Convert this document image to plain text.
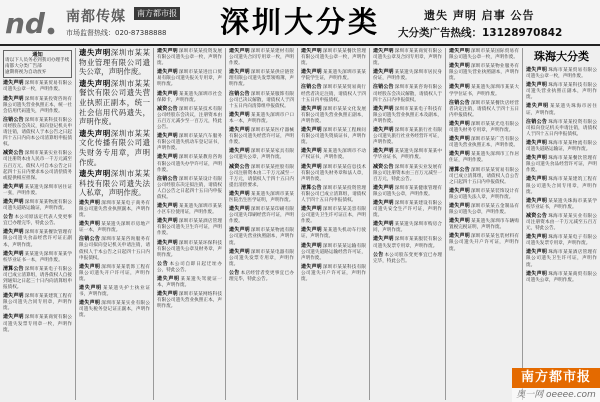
nd 南都传媒	南方都市报
市场监督热线：020-87388888 深圳大分类	遗失 声明 启事 公告
大分类广告热线：13128970842
通知
请以下人员务必到我司办理手续
南都大分类广告部
逾期将视为自动放弃
遗失声明深圳市某某贸易有限公司遗失公章一枚，声明作废。
遗失声明深圳市某某投资咨询有限公司遗失营业执照正本，统一社会信用代码遗失，声明作废。
注销公告深圳市某某科技有限公司经股东会决议，拟向登记机关申请注销，请债权人于本公告之日起四十五日内向本公司清算组申报债权。
减资公告深圳市某某实业有限公司注册资本由人民币一千万元减至五百万元，债权人可自本公告之日起四十五日内要求本公司清偿债务或提供相应担保。
遗失声明某某遗失深圳市居住证一张，声明作废。
遗失声明深圳市某某物流有限公司遗失道路运输证，声明作废。
公告本公司原法定代表人变更事宜已办理完毕，特此公告。
遗失声明深圳市某某餐饮管理有限公司遗失食品经营许可证正副本，声明作废。
遗失声明某某遗失深圳市某某学校毕业证书一本，声明作废。
清算公告深圳市某某电子有限公司已成立清算组，请各债权人自接到通知之日起三十日内向清算组申报债权。
遗失声明深圳市某某建筑工程有限公司遗失合同专用章，声明作废。
遗失声明深圳市某某商贸有限公司遗失发票专用章一枚，声明作废。
遗失声明深圳市某某物业管理有限公司遗失公章，声明作废。
遗失声明深圳市某某餐饮有限公司遗失营业执照正副本，统一社会信用代码遗失，声明作废。
遗失声明深圳市某某文化传播有限公司遗失财务专用章，声明作废。
遗失声明深圳市某某科技有限公司遗失法人私章，声明作废。
遗失声明深圳市某某电子商务有限公司遗失营业执照副本，声明作废。
遗失声明某某遗失深圳市房地产证一本，声明作废。
注销公告深圳市某某咨询服务有限公司拟向登记机关申请注销，请债权人于本公告之日起四十五日内申报债权。
遗失声明深圳市某某装饰工程有限公司遗失开户许可证，声明作废。
遗失声明某某遗失护士执业证书，声明作废。
遗失声明深圳市某某实业有限公司遗失税务登记证正副本，声明作废。
遗失声明深圳市某某投资发展有限公司遗失公章一枚，声明作废。
遗失声明深圳市某某进出口贸易有限公司遗失报关专用章，声明作废。
遗失声明某某遗失深圳市社会保障卡，声明作废。
减资公告深圳市某某技术有限公司经股东会决议，注册资本由五百万元减少至一百万元，特此公告。
遗失声明深圳市某某汽车服务有限公司遗失机动车登记证书，声明作废。
遗失声明深圳市某某教育咨询有限公司遗失办学许可证，声明作废。
注销公告深圳市某某设计有限公司经股东决定拟注销，请债权人自公告之日起四十五日内申报债权。
遗失声明某某遗失深圳市某某小区车位使用证，声明作废。
遗失声明深圳市某某酒店管理有限公司遗失卫生许可证，声明作废。
遗失声明深圳市某某环保科技有限公司遗失公章及财务章，声明作废。
公告本公司自即日起迁址办公，特此公告。
遗失声明某某遗失驾驶证一本，声明作废。
遗失声明深圳市某某网络科技有限公司遗失营业执照正本，声明作废。
遗失声明深圳市某某建材有限公司遗失合同专用章一枚，声明作废。
遗失声明深圳市某某供应链管理有限公司遗失发票领购簿，声明作废。
注销公告深圳市某某服饰有限公司已决议解散，请债权人于四十五日内向清算组申报债权。
遗失声明某某遗失深圳市户口本一本，声明作废。
遗失声明深圳市某某医疗器械有限公司遗失经营许可证，声明作废。
遗失声明深圳市某某家具有限公司遗失公章，声明作废。
减资公告深圳市某某控股有限公司注册资本由二千万元减至一千万元，请债权人于四十五日内提出清偿要求。
遗失声明某某遗失深圳市某某医院出生医学证明，声明作废。
遗失声明深圳市某某印刷有限公司遗失印刷经营许可证，声明作废。
遗失声明深圳市某某物流有限公司遗失营业执照副本，声明作废。
遗失声明深圳市某某电器有限公司遗失发票专用章，声明作废。
公告本店经营者变更事宜已办理完毕，特此公告。
遗失声明深圳市某某餐饮管理有限公司遗失公章一枚，声明作废。
遗失声明某某遗失深圳市某某学院学生证，声明作废。
注销公告深圳市某某贸易商行经营者决定注销，请债权人于四十五日内申报债权。
遗失声明深圳市某某文化发展有限公司遗失营业执照正副本，声明作废。
遗失声明深圳市某某工程顾问有限公司遗失资质证书，声明作废。
遗失声明某某遗失深圳市不动产权证书，声明作废。
遗失声明深圳市某某信息技术有限公司遗失财务章和法人章，声明作废。
清算公告深圳市某某投资管理有限公司已成立清算组，请债权人于四十五日内申报债权。
遗失声明深圳市某某美容有限公司遗失卫生许可证正本，声明作废。
遗失声明某某遗失机动车行驶证，声明作废。
遗失声明深圳市某某运输有限公司遗失道路运输经营许可证，声明作废。
遗失声明深圳市某某科技有限公司遗失开户许可证，声明作废。
遗失声明深圳市某某商贸有限公司遗失公章及合同专用章，声明作废。
遗失声明某某遗失深圳市居民身份证，声明作废。
注销公告深圳市某某咨询有限公司经股东会决议解散，请债权人于四十五日内申报债权。
遗失声明深圳市某某电子科技有限公司遗失营业执照正本及副本，声明作废。
遗失声明深圳市某某旅行社有限公司遗失旅行社业务经营许可证，声明作废。
遗失声明某某遗失深圳市某某中学毕业证书，声明作废。
减资公告深圳市某某实业发展有限公司注册资本由三百万元减至一百万元，特此公告。
遗失声明深圳市某某健康管理有限公司遗失公章，声明作废。
遗失声明深圳市某某建设有限公司遗失安全生产许可证，声明作废。
遗失声明某某遗失深圳市购房合同，声明作废。
遗失声明深圳市某某服装有限公司遗失发票专用章，声明作废。
公告本公司股东变更事宜已办理完毕，特此公告。
遗失声明深圳市某某国际贸易有限公司遗失公章一枚，声明作废。
遗失声明深圳市某某物业服务有限公司遗失营业执照副本，声明作废。
遗失声明某某遗失深圳市某某大学学位证书，声明作废。
注销公告深圳市某某餐饮店经营者决定注销，请债权人于四十五日内申报债权。
遗失声明深圳市某某光电有限公司遗失财务专用章，声明作废。
遗失声明深圳市某某广告有限公司遗失营业执照正本，声明作废。
遗失声明某某遗失深圳市工作居住证，声明作废。
清算公告深圳市某某贸易有限公司已成立清算组，请债权人自公告之日起四十五日内申报债权。
遗失声明深圳市某某装饰设计有限公司遗失法人章，声明作废。
遗失声明深圳市某某五金制品有限公司遗失公章，声明作废。
遗失声明某某遗失深圳市车辆购置税完税证明，声明作废。
遗失声明深圳市某某包装材料有限公司遗失开户许可证，声明作废。
珠海大分类
遗失声明珠海市某某贸易有限公司遗失公章一枚，声明作废。
遗失声明珠海市某某科技有限公司遗失营业执照正副本，声明作废。
遗失声明某某遗失珠海市居住证，声明作废。
注销公告珠海市某某投资有限公司拟向登记机关申请注销，请债权人于四十五日内申报债权。
遗失声明珠海市某某物流有限公司遗失道路运输证，声明作废。
遗失声明珠海市某某餐饮管理有限公司遗失食品经营许可证，声明作废。
遗失声明珠海市某某建筑工程有限公司遗失合同专用章，声明作废。
遗失声明某某遗失珠海市某某学校毕业证书，声明作废。
减资公告珠海市某某实业有限公司注册资本由一千万元减至五百万元，特此公告。
遗失声明珠海市某某电子有限公司遗失发票专用章，声明作废。
遗失声明珠海市某某酒店管理有限公司遗失卫生许可证，声明作废。
遗失声明珠海市某某商贸有限公司遗失公章，声明作废。
南方都市报
奥一网 oeeee.com
